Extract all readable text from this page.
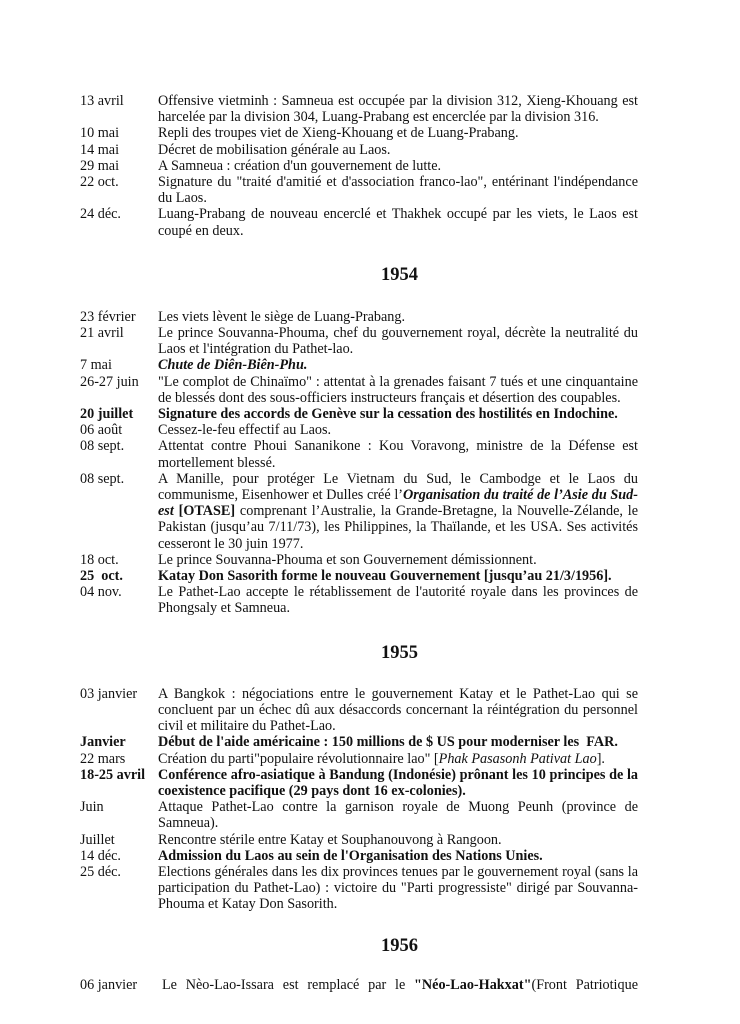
13 avril	Offensive vietminh : Samneua est occupée par la division 312, Xieng-Khouang est harcelée par la division 304, Luang-Prabang est encerclée par la division 316.
10 mai	Repli des troupes viet de Xieng-Khouang et de Luang-Prabang.
14 mai	Décret de mobilisation générale au Laos.
29 mai	A Samneua : création d'un gouvernement de lutte.
22 oct.	Signature du "traité d'amitié et d'association franco-lao", entérinant l'indépendance du Laos.
24 déc.	Luang-Prabang de nouveau encerclé et Thakhek occupé par les viets, le Laos est coupé en deux.
1954
23 février	Les viets lèvent le siège de Luang-Prabang.
21 avril	Le prince Souvanna-Phouma, chef du gouvernement royal, décrète la neutralité du Laos et l'intégration du Pathet-lao.
7 mai	Chute de Diên-Biên-Phu.
26-27 juin	"Le complot de Chinaïmo" : attentat à la grenades faisant 7 tués et une cinquantaine de blessés dont des sous-officiers instructeurs français et désertion des coupables.
20 juillet	Signature des accords de Genève sur la cessation des hostilités en Indochine.
06 août	Cessez-le-feu effectif au Laos.
08 sept.	Attentat contre Phoui Sananikone : Kou Voravong, ministre de la Défense est mortellement blessé.
08 sept.	A Manille, pour protéger Le Vietnam du Sud, le Cambodge et le Laos du communisme, Eisenhower et Dulles créé l’Organisation du traité de l’Asie du Sud-est [OTASE] comprenant l’Australie, la Grande-Bretagne, la Nouvelle-Zélande, le Pakistan (jusqu’au 7/11/73), les Philippines, la Thaïlande, et les USA. Ses activités cesseront le 30 juin 1977.
18 oct.	Le prince Souvanna-Phouma et son Gouvernement démissionnent.
25  oct.	Katay Don Sasorith forme le nouveau Gouvernement [jusqu’au 21/3/1956].
04 nov.	Le Pathet-Lao accepte le rétablissement de l'autorité royale dans les provinces de Phongsaly et Samneua.
1955
03 janvier	A Bangkok : négociations entre le gouvernement Katay et le Pathet-Lao qui se concluent par un échec dû aux désaccords concernant la réintégration du personnel civil et militaire du Pathet-Lao.
Janvier	Début de l'aide américaine : 150 millions de $ US pour moderniser les  FAR.
22 mars	Création du parti"populaire révolutionnaire lao" [Phak Pasasonh Pativat Lao].
18-25 avril Conférence afro-asiatique à Bandung (Indonésie) prônant les 10 principes de la coexistence pacifique (29 pays dont 16 ex-colonies).
Juin	Attaque Pathet-Lao contre la garnison royale de Muong Peunh (province de Samneua).
Juillet	Rencontre stérile entre Katay et Souphanouvong à Rangoon.
14 déc.	Admission du Laos au sein de l'Organisation des Nations Unies.
25 déc.	Elections générales dans les dix provinces tenues par le gouvernement royal (sans la participation du Pathet-Lao) : victoire du "Parti progressiste" dirigé par Souvanna-Phouma et Katay Don Sasorith.
1956
06 janvier	Le Nèo-Lao-Issara est remplacé par le "Néo-Lao-Hakxat"(Front Patriotique
